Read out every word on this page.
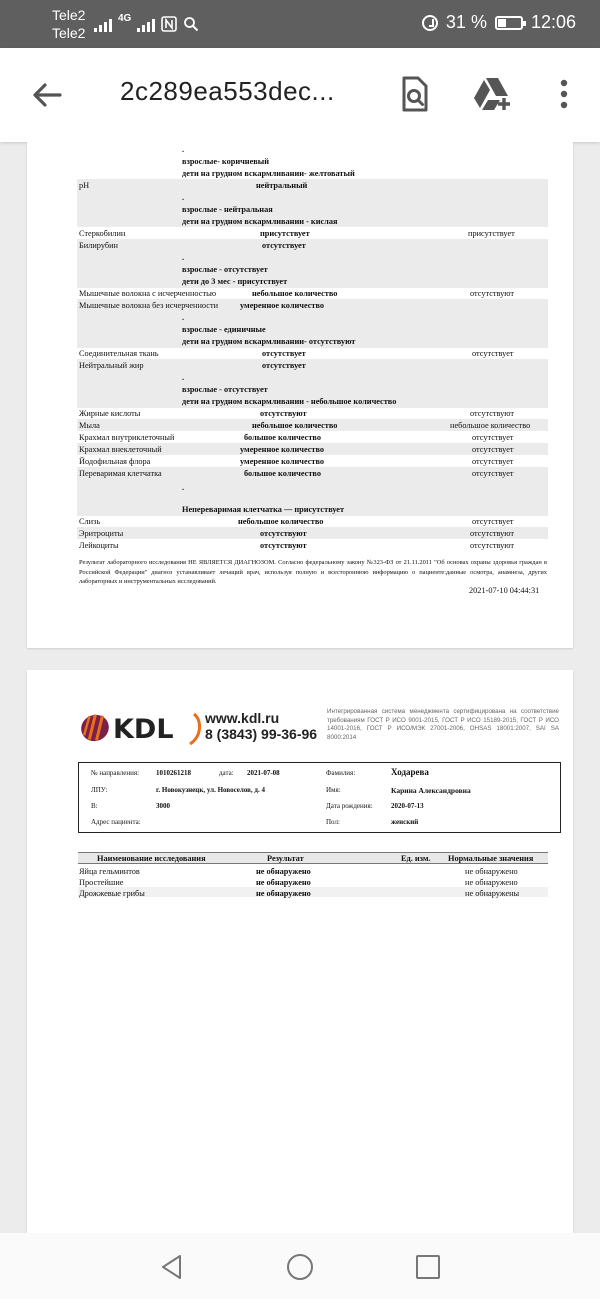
Tele2
Tele2
4G	31 % 12:06
2c289ea553dec...
.
взрослые- коричневый
дети на грудном вскармливании- желтоватый
pH	нейтральный
.
взрослые - нейтральная
дети на грудном вскармливании - кислая
Стеркобилин	присутствует	присутствует
Билирубин	отсутствует
.
взрослые - отсутствует
дети до 3 мес - присутствует
Мышечные волокна с исчерченностью	небольшое количество	отсутствуют
Мышечные волокна без исчерченности	умеренное количество
.
взрослые - единичные
дети на грудном вскармливании- отсутствуют
Соединительная ткань	отсутствует	отсутствует
Нейтральный жир	отсутствует
.
взрослые - отсутствует
дети на грудном вскармливании - небольшое количество
Жирные кислоты	отсутствуют	отсутствуют
Мыла	небольшое количество	небольшое количество
Крахмал внутриклеточный	большое количество	отсутствует
Крахмал внеклеточный	умеренное количество	отсутствует
Йодофильная флора	умеренное количество	отсутствует
Переваримая клетчатка	большое количество	отсутствует
.
Непереваримая клетчатка — присутствует
Слизь	небольшое количество	отсутствует
Эритроциты	отсутствуют	отсутствуют
Лейкоциты	отсутствуют	отсутствуют
Результат лабораторного исследования НЕ ЯВЛЯЕТСЯ ДИАГНОЗОМ. Согласно федеральному закону №323-ФЗ от 21.11.2011 "Об основах охраны здоровья граждан в Российской Федерации" диагноз устанавливает лечащий врач, используя полную и всестороннюю информацию о пациенте:данные осмотра, анамнеза, других лабораторных и инструментальных исследований.
2021-07-10 04:44:31
KDL www.kdl.ru
8 (3843) 99-36-96
Интегрированная система менеджмента сертифицирована на соответствие требованиям ГОСТ Р ИСО 9001-2015, ГОСТ Р ИСО 15189-2015, ГОСТ Р ИСО 14001-2016, ГОСТ Р ИСО/МЭК 27001-2006, OHSAS 18001:2007, SAI SA 8000:2014
№ направления: 1010261218	дата: 2021-07-08
ЛПУ:	г. Новокузнецк, ул. Новоселов, д. 4
В:	3000
Адрес пациента:
Фамилия:	Ходарева
Имя:	Карина Александровна
Дата рождения:	2020-07-13
Пол:	женский
Наименование исследования	Результат	Ед. изм. Нормальные значения
Яйца гельминтов	не обнаружено	не обнаружено
Простейшие	не обнаружено	не обнаружено
Дрожжевые грибы	не обнаружено	не обнаружены
